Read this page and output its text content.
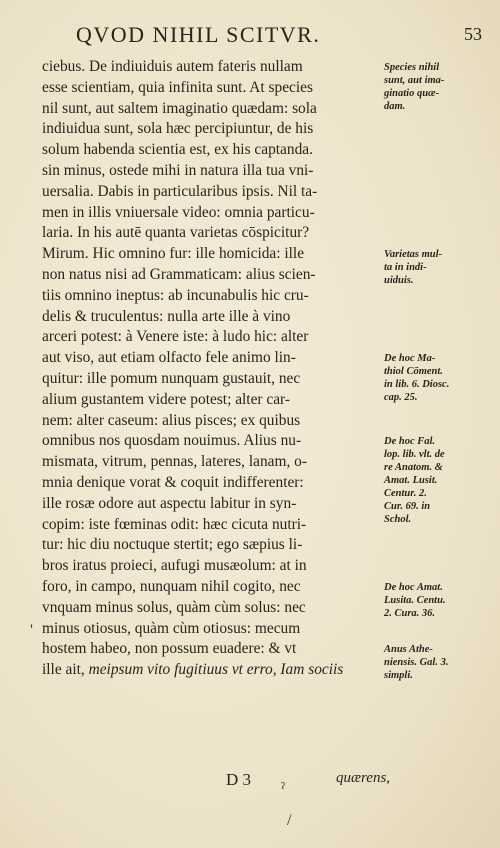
QVOD NIHIL SCITVR.	53
ciebus. De indiuiduis autem fateris nullam
esse scientiam, quia infinita sunt. At species
nil sunt, aut saltem imaginatio quædam: sola
indiuidua sunt, sola hæc percipiuntur, de his
solum habenda scientia est, ex his captanda.
sin minus, ostede mihi in natura illa tua vni-
uersalia. Dabis in particularibus ipsis. Nil ta-
men in illis vniuersale video: omnia particu-
laria. In his autē quanta varietas cōspicitur?
Mirum. Hic omnino fur: ille homicida: ille
non natus nisi ad Grammaticam: alius scien-
tiis omnino ineptus: ab incunabulis hic cru-
delis & truculentus: nulla arte ille à vino
arceri potest: à Venere iste: à ludo hic: alter
aut viso, aut etiam olfacto fele animo lin-
quitur: ille pomum nunquam gustauit, nec
alium gustantem videre potest; alter car-
nem: alter caseum: alius pisces; ex quibus
omnibus nos quosdam nouimus. Alius nu-
mismata, vitrum, pennas, lateres, lanam, o-
mnia denique vorat & coquit indifferenter:
ille rosæ odore aut aspectu labitur in syn-
copim: iste fœminas odit: hæc cicuta nutri-
tur: hic diu noctuque stertit; ego sæpius li-
bros iratus proieci, aufugi musæolum: at in
foro, in campo, nunquam nihil cogito, nec
vnquam minus solus, quàm cùm solus: nec
minus otiosus, quàm cùm otiosus: mecum
hostem habeo, non possum euadere: & vt
ille ait, meipsum vito fugitiuus vt erro, Iam sociis
Species nihil
sunt, aut ima-
ginatio quæ-
dam.
Varietas mul-
ta in indi-
uiduis.
De hoc Ma-
thiol Cōment.
in lib. 6. Diosc.
cap. 25.
De hoc Fal.
lop. lib. vlt. de
re Anatom. &
Amat. Lusit.
Centur. 2.
Cur. 69. in
Schol.
De hoc Amat.
Lusita. Centu.
2. Cura. 36.
Anus Athe-
niensis. Gal. 3.
simpli.
'
ˀ
/
D 3	quærens,
